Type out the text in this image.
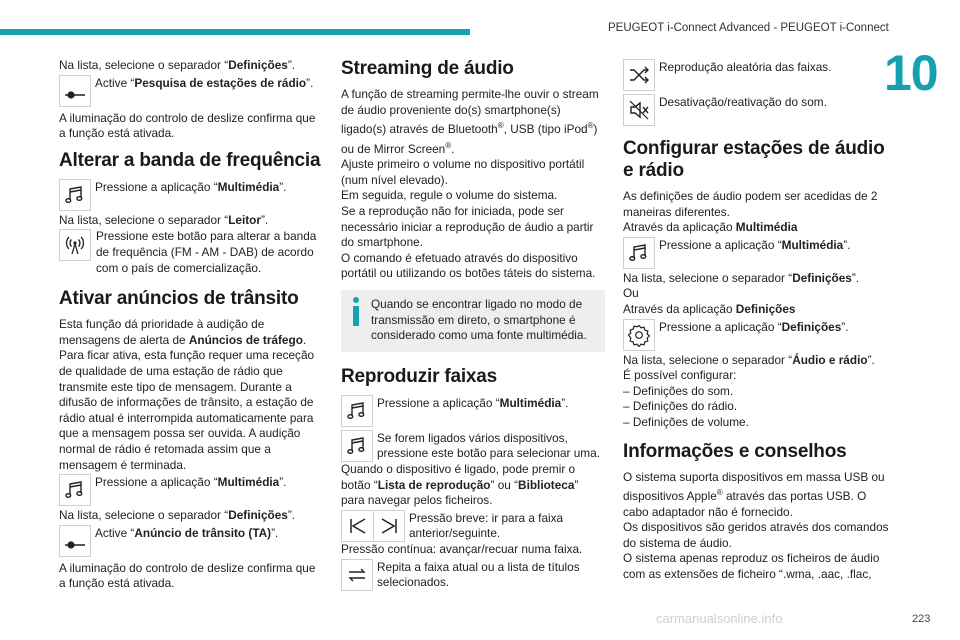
PEUGEOT i-Connect Advanced - PEUGEOT i-Connect
10
carmanualsonline.info	223

Na lista, selecione o separador “Definições”.

Active “Pesquisa de estações de rádio”.

A iluminação do controlo de deslize confirma que a função está ativada.

Alterar a banda de frequência

Pressione a aplicação “Multimédia”.

Na lista, selecione o separador “Leitor”.

Pressione este botão para alterar a banda de frequência (FM - AM - DAB) de acordo com o país de comercialização.

Ativar anúncios de trânsito

Esta função dá prioridade à audição de mensagens de alerta de Anúncios de tráfego. Para ficar ativa, esta função requer uma receção de qualidade de uma estação de rádio que transmite este tipo de mensagem. Durante a difusão de informações de trânsito, a estação de rádio atual é interrompida automaticamente para que a mensagem possa ser ouvida. A audição normal de rádio é retomada assim que a mensagem é terminada.

Pressione a aplicação “Multimédia”.

Na lista, selecione o separador “Definições”.

Active “Anúncio de trânsito (TA)”.

A iluminação do controlo de deslize confirma que a função está ativada.

Streaming de áudio

A função de streaming permite-lhe ouvir o stream de áudio proveniente do(s) smartphone(s) ligado(s) através de Bluetooth®, USB (tipo iPod®) ou de Mirror Screen®.

Ajuste primeiro o volume no dispositivo portátil (num nível elevado).

Em seguida, regule o volume do sistema.

Se a reprodução não for iniciada, pode ser necessário iniciar a reprodução de áudio a partir do smartphone.

O comando é efetuado através do dispositivo portátil ou utilizando os botões táteis do sistema.

Quando se encontrar ligado no modo de transmissão em direto, o smartphone é considerado como uma fonte multimédia.

Reproduzir faixas

Pressione a aplicação “Multimédia”.

Se forem ligados vários dispositivos, pressione este botão para selecionar uma.

Quando o dispositivo é ligado, pode premir o botão “Lista de reprodução” ou “Biblioteca” para navegar pelos ficheiros.

Pressão breve: ir para a faixa anterior/seguinte.

Pressão contínua: avançar/recuar numa faixa.

Repita a faixa atual ou a lista de títulos selecionados.

Reprodução aleatória das faixas.

Desativação/reativação do som.

Configurar estações de áudio e rádio

As definições de áudio podem ser acedidas de 2 maneiras diferentes.

Através da aplicação Multimédia

Pressione a aplicação “Multimédia”.

Na lista, selecione o separador “Definições”.

Ou

Através da aplicação Definições

Pressione a aplicação “Definições”.

Na lista, selecione o separador “Áudio e rádio”.

É possível configurar:

– Definições do som.

– Definições do rádio.

– Definições de volume.

Informações e conselhos

O sistema suporta dispositivos em massa USB ou dispositivos Apple® através das portas USB. O cabo adaptador não é fornecido.

Os dispositivos são geridos através dos comandos do sistema de áudio.

O sistema apenas reproduz os ficheiros de áudio com as extensões de ficheiro “.wma, .aac, .flac,
